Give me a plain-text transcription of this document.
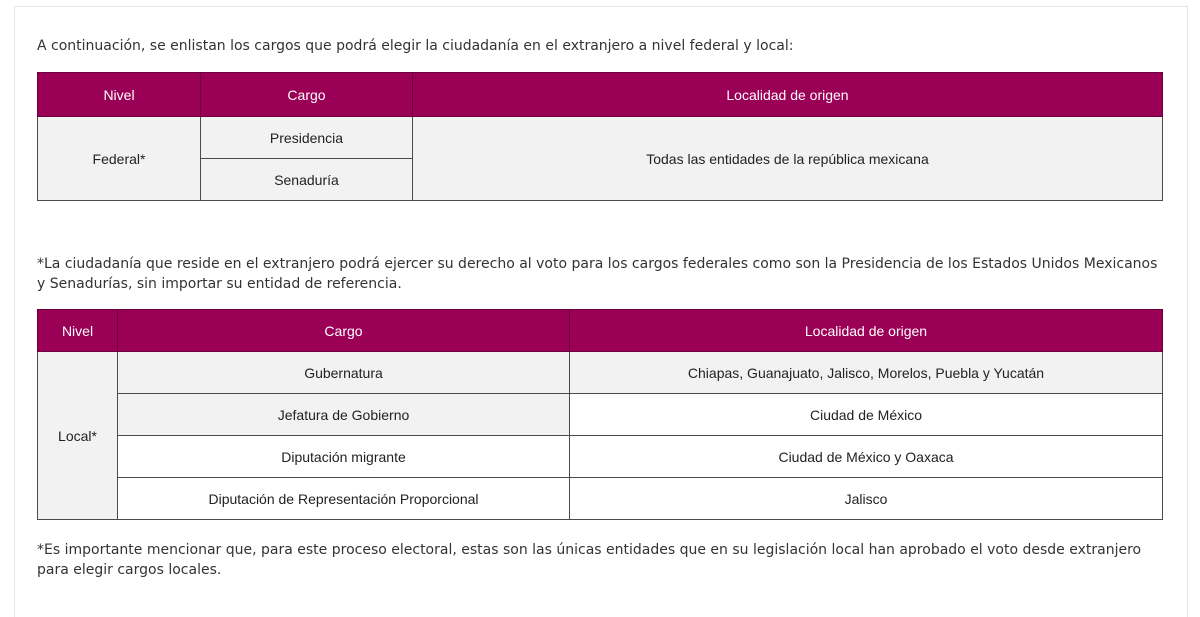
A continuación, se enlistan los cargos que podrá elegir la ciudadanía en el extranjero a nivel federal y local:

Nivel	Cargo	Localidad de origen
Federal*	Presidencia	Todas las entidades de la república mexicana
	Senaduría	

*La ciudadanía que reside en el extranjero podrá ejercer su derecho al voto para los cargos federales como son la Presidencia de los Estados Unidos Mexicanos y Senadurías, sin importar su entidad de referencia.

Nivel	Cargo	Localidad de origen
Local*	Gubernatura	Chiapas, Guanajuato, Jalisco, Morelos, Puebla y Yucatán
	Jefatura de Gobierno	Ciudad de México
	Diputación migrante	Ciudad de México y Oaxaca
	Diputación de Representación Proporcional	Jalisco

*Es importante mencionar que, para este proceso electoral, estas son las únicas entidades que en su legislación local han aprobado el voto desde extranjero para elegir cargos locales.
